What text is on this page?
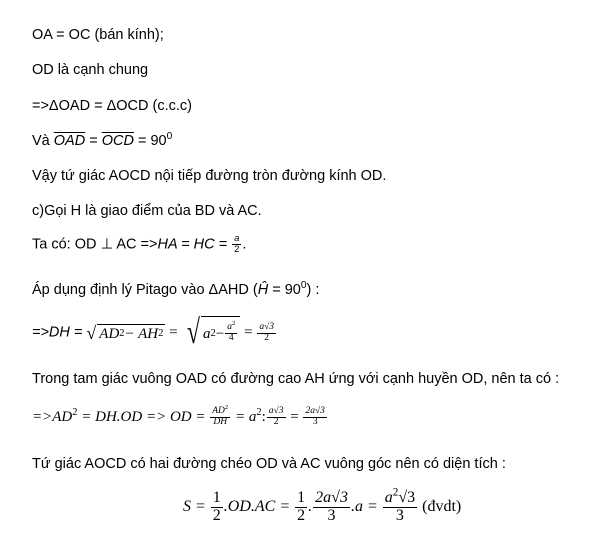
OA = OC (bán kính);
OD là cạnh chung
=>ΔOAD = ΔOCD (c.c.c)
Và $\overline{OAD} = \overline{OCD} = 90^0$
Vậy tứ giác AOCD nội tiếp đường tròn đường kính OD.
c)Gọi H là giao điểm của BD và AC.
Ta có: OD ⊥ AC =>HA = HC = $\frac{a}{2}$ .
Áp dụng định lý Pitago vào ΔAHD (Ĥ = $90^0$) :
=>DH = √ AD 2 − AH 2 = √ a $2 - \frac{a^2}{4} = \frac{a√3}{2}$
Trong tam giác vuông OAD có đường cao AH ứng với cạnh huyền OD, nên ta có :
$=>AD^2 = DH.OD$ => OD = $\frac{AD^2}{DH} = a^2$: $\frac{a√3}{2} = \frac{2a√3}{3}$
Tứ giác AOCD có hai đường chéo OD và AC vuông góc nên có diện tích :
$S = \frac{1}{2} .OD.AC = \frac{1}{2}$ . $\frac{2a√3}{3} .a = \frac{a^2√3}{3}$ (đvdt)
